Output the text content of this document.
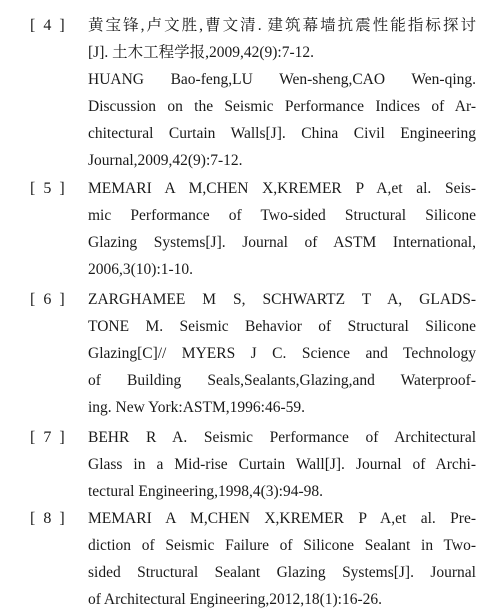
[ 4 ]	黄宝锋,卢文胜,曹文清. 建筑幕墙抗震性能指标探讨
[J]. 土木工程学报,2009,42(9):7-12.
HUANG Bao-feng,LU Wen-sheng,CAO Wen-qing.
Discussion on the Seismic Performance Indices of Ar-
chitectural Curtain Walls[J]. China Civil Engineering
Journal,2009,42(9):7-12.
[ 5 ]	MEMARI A M,CHEN X,KREMER P A,et al. Seis-
mic Performance of Two-sided Structural Silicone
Glazing Systems[J]. Journal of ASTM International,
2006,3(10):1-10.
[ 6 ]	ZARGHAMEE M S, SCHWARTZ T A, GLADS-
TONE M. Seismic Behavior of Structural Silicone
Glazing[C]// MYERS J C. Science and Technology
of Building Seals,Sealants,Glazing,and Waterproof-
ing. New York:ASTM,1996:46-59.
[ 7 ]	BEHR R A. Seismic Performance of Architectural
Glass in a Mid-rise Curtain Wall[J]. Journal of Archi-
tectural Engineering,1998,4(3):94-98.
[ 8 ]	MEMARI A M,CHEN X,KREMER P A,et al. Pre-
diction of Seismic Failure of Silicone Sealant in Two-
sided Structural Sealant Glazing Systems[J]. Journal
of Architectural Engineering,2012,18(1):16-26.
